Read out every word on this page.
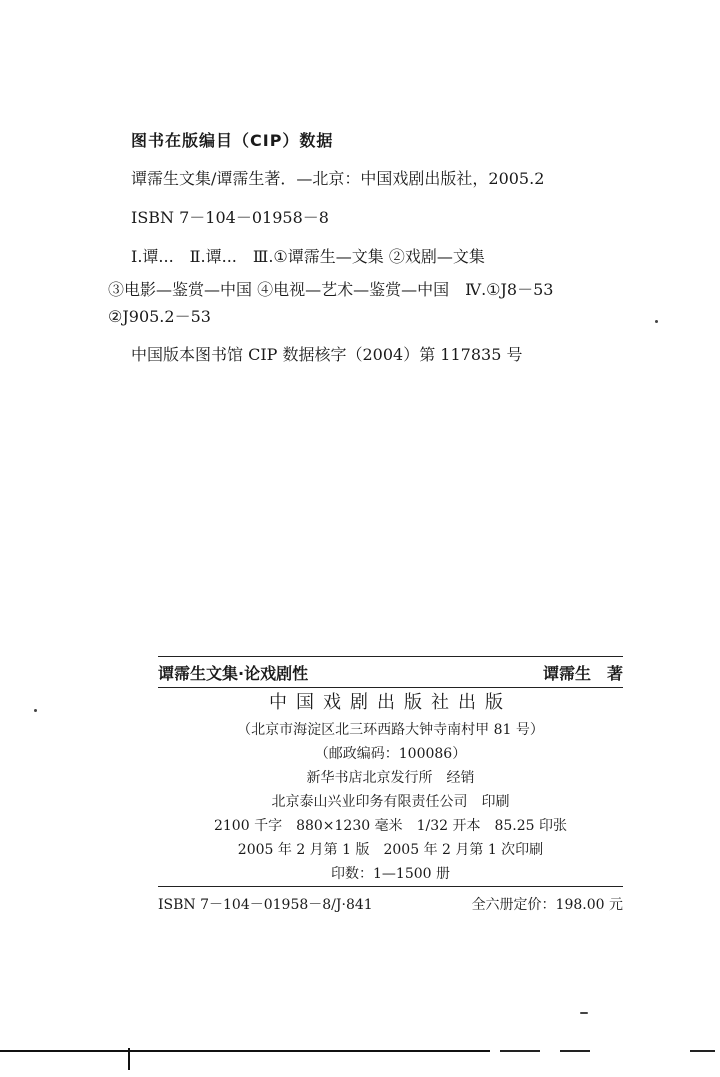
图书在版编目（CIP）数据
谭霈生文集/谭霈生著．—北京：中国戏剧出版社，2005.2
ISBN 7－104－01958－8
Ⅰ.谭...　Ⅱ.谭...　Ⅲ.①谭霈生—文集 ②戏剧—文集
③电影—鉴赏—中国 ④电视—艺术—鉴赏—中国　Ⅳ.①J8－53
②J905.2－53
中国版本图书馆 CIP 数据核字（2004）第 117835 号
谭霈生文集·论戏剧性	谭霈生　著
中国戏剧出版社出版
（北京市海淀区北三环西路大钟寺南村甲 81 号）
（邮政编码：100086）
新华书店北京发行所　经销
北京泰山兴业印务有限责任公司　印刷
2100 千字　880×1230 毫米　1/32 开本　85.25 印张
2005 年 2 月第 1 版　2005 年 2 月第 1 次印刷
印数：1—1500 册
ISBN 7－104－01958－8/J·841	全六册定价：198.00 元
